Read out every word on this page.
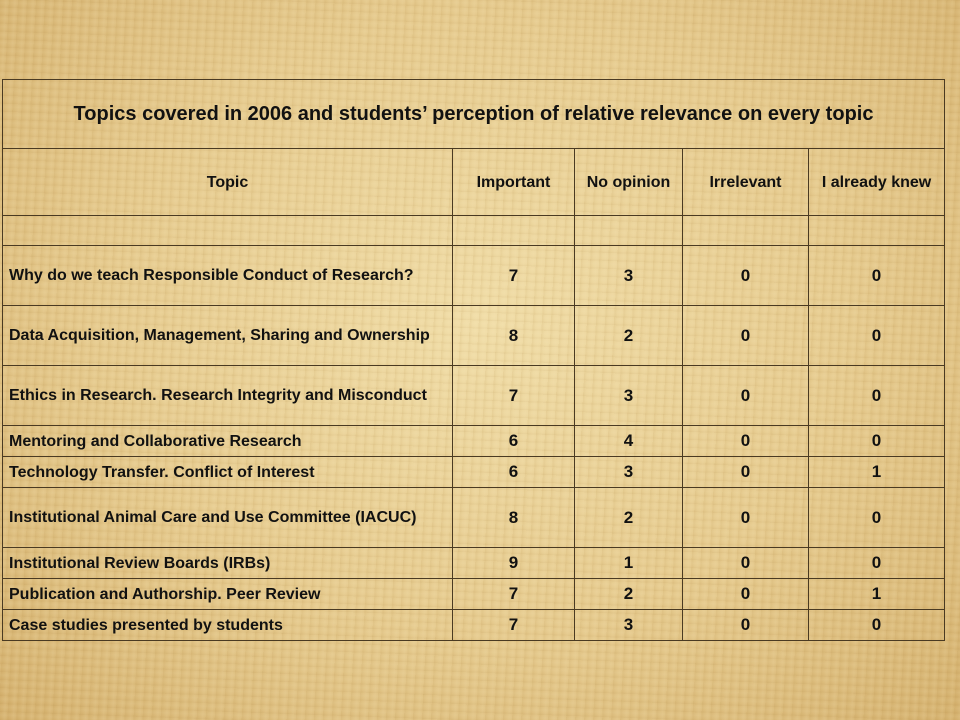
Topics covered in 2006 and students’ perception of relative relevance on every topic				
Topic	Important	No opinion	Irrelevant	I already knew

Why do we teach Responsible Conduct of Research?	7	3	0	0
Data Acquisition, Management, Sharing and Ownership	8	2	0	0
Ethics in Research. Research Integrity and Misconduct	7	3	0	0
Mentoring and Collaborative Research	6	4	0	0
Technology Transfer. Conflict of Interest	6	3	0	1
Institutional Animal Care and Use Committee (IACUC)	8	2	0	0
Institutional Review Boards (IRBs)	9	1	0	0
Publication and Authorship. Peer Review	7	2	0	1
Case studies presented by students	7	3	0	0
